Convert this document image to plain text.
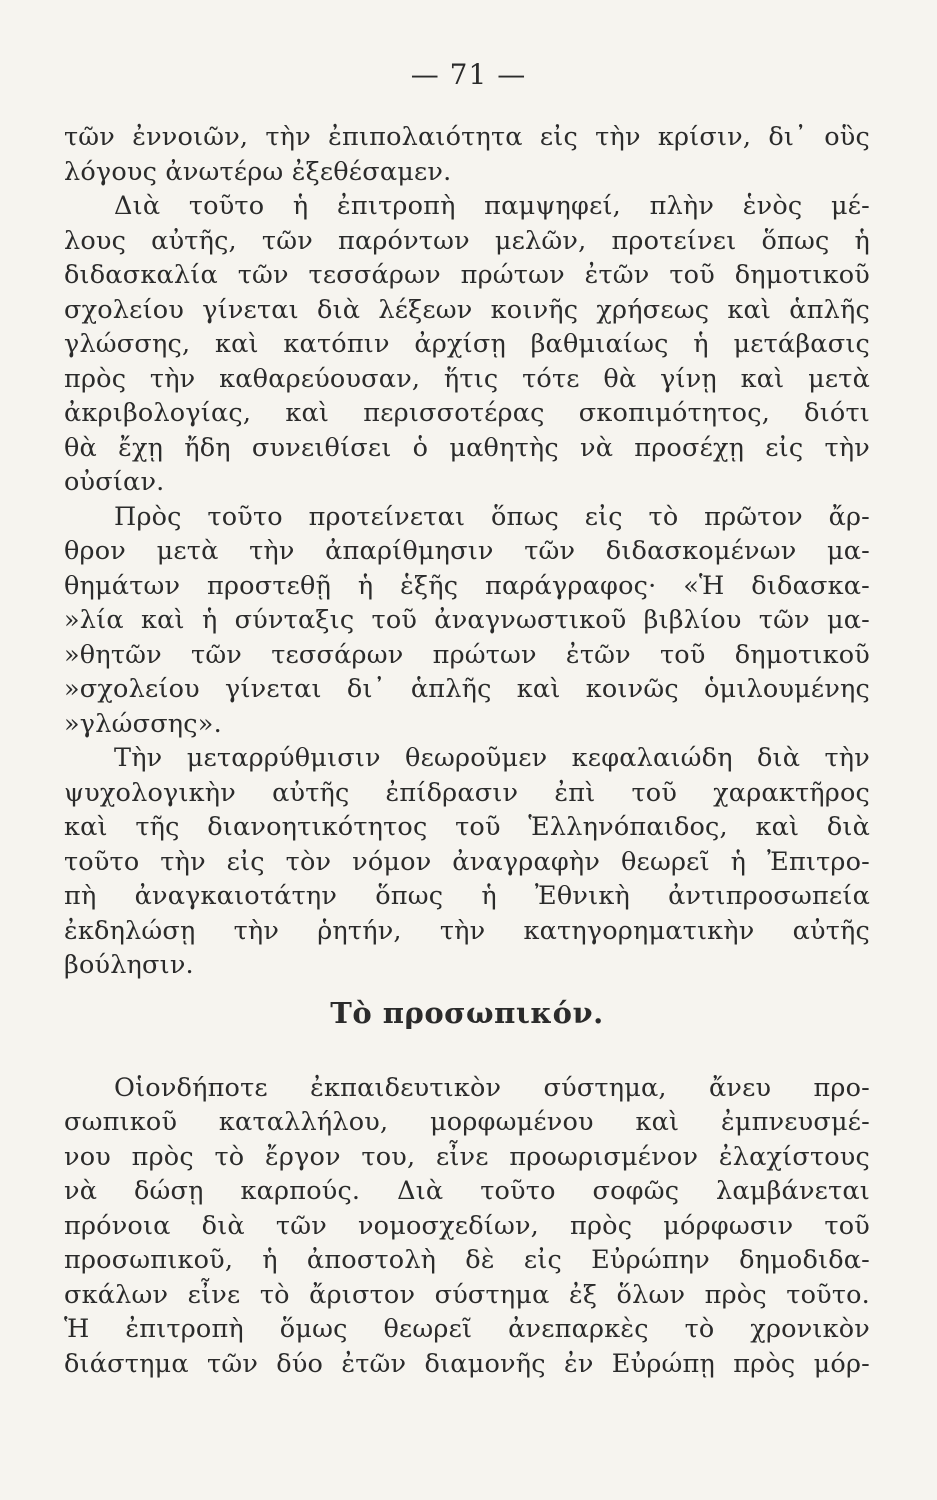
— 71 —
τῶν ἐννοιῶν, τὴν ἐπιπολαιότητα εἰς τὴν κρίσιν, δι᾿ οὓς
λόγους ἀνωτέρω ἐξεθέσαμεν.
Διὰ τοῦτο ἡ ἐπιτροπὴ παμψηφεί, πλὴν ἑνὸς μέ-
λους αὐτῆς, τῶν παρόντων μελῶν, προτείνει ὅπως ἡ
διδασκαλία τῶν τεσσάρων πρώτων ἐτῶν τοῦ δημοτικοῦ
σχολείου γίνεται διὰ λέξεων κοινῆς χρήσεως καὶ ἁπλῆς
γλώσσης, καὶ κατόπιν ἀρχίσῃ βαθμιαίως ἡ μετάβασις
πρὸς τὴν καθαρεύουσαν, ἥτις τότε θὰ γίνῃ καὶ μετὰ
ἀκριβολογίας, καὶ περισσοτέρας σκοπιμότητος, διότι
θὰ ἔχῃ ἤδη συνειθίσει ὁ μαθητὴς νὰ προσέχῃ εἰς τὴν
οὐσίαν.
Πρὸς τοῦτο προτείνεται ὅπως εἰς τὸ πρῶτον ἄρ-
θρον μετὰ τὴν ἀπαρίθμησιν τῶν διδασκομένων μα-
θημάτων προστεθῇ ἡ ἑξῆς παράγραφος· «Ἡ διδασκα-
»λία καὶ ἡ σύνταξις τοῦ ἀναγνωστικοῦ βιβλίου τῶν μα-
»θητῶν τῶν τεσσάρων πρώτων ἐτῶν τοῦ δημοτικοῦ
»σχολείου γίνεται δι᾿ ἁπλῆς καὶ κοινῶς ὁμιλουμένης
»γλώσσης».
Τὴν μεταρρύθμισιν θεωροῦμεν κεφαλαιώδη διὰ τὴν
ψυχολογικὴν αὐτῆς ἐπίδρασιν ἐπὶ τοῦ χαρακτῆρος
καὶ τῆς διανοητικότητος τοῦ Ἑλληνόπαιδος, καὶ διὰ
τοῦτο τὴν εἰς τὸν νόμον ἀναγραφὴν θεωρεῖ ἡ Ἐπιτρο-
πὴ ἀναγκαιοτάτην ὅπως ἡ Ἐθνικὴ ἀντιπροσωπεία
ἐκδηλώσῃ τὴν ῥητήν, τὴν κατηγορηματικὴν αὐτῆς
βούλησιν.
Τὸ προσωπικόν.
Οἱονδήποτε ἐκπαιδευτικὸν σύστημα, ἄνευ προ-
σωπικοῦ καταλλήλου, μορφωμένου καὶ ἐμπνευσμέ-
νου πρὸς τὸ ἔργον του, εἶνε προωρισμένον ἐλαχίστους
νὰ δώσῃ καρπούς. Διὰ τοῦτο σοφῶς λαμβάνεται
πρόνοια διὰ τῶν νομοσχεδίων, πρὸς μόρφωσιν τοῦ
προσωπικοῦ, ἡ ἀποστολὴ δὲ εἰς Εὐρώπην δημοδιδα-
σκάλων εἶνε τὸ ἄριστον σύστημα ἐξ ὅλων πρὸς τοῦτο.
Ἡ ἐπιτροπὴ ὅμως θεωρεῖ ἀνεπαρκὲς τὸ χρονικὸν
διάστημα τῶν δύο ἐτῶν διαμονῆς ἐν Εὐρώπῃ πρὸς μόρ-
